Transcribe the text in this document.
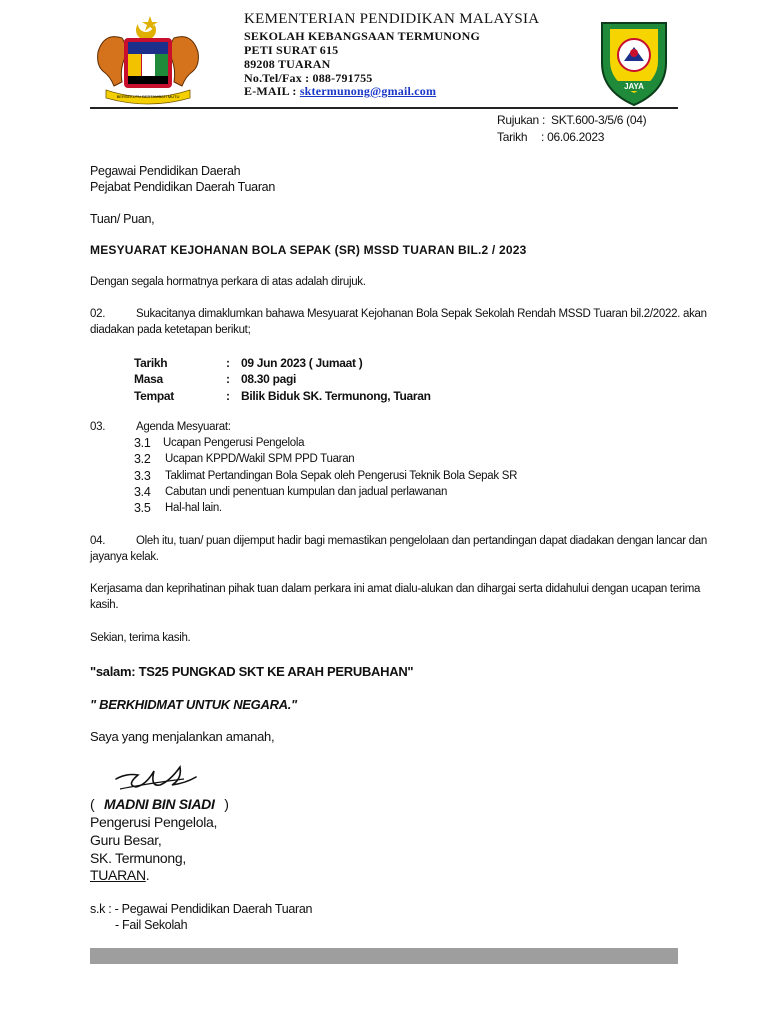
BERSEKUTU BERTAMBAH MUTU
KEMENTERIAN PENDIDIKAN MALAYSIA
SEKOLAH KEBANGSAAN TERMUNONG
PETI SURAT 615
89208 TUARAN
No.Tel/Fax : 088-791755
E-MAIL : sktermunong@gmail.com	JAYA
Rujukan : SKT.600-3/5/6 (04)
Tarikh : 06.06.2023
Pegawai Pendidikan Daerah
Pejabat Pendidikan Daerah Tuaran
Tuan/ Puan,
MESYUARAT KEJOHANAN BOLA SEPAK (SR) MSSD TUARAN BIL.2 / 2023
Dengan segala hormatnya perkara di atas adalah dirujuk.
02.	Sukacitanya dimaklumkan bahawa Mesyuarat Kejohanan Bola Sepak Sekolah Rendah MSSD Tuaran bil.2/2022. akan
diadakan pada ketetapan berikut;
Tarikh	: 09 Jun 2023 ( Jumaat )
Masa	: 08.30 pagi
Tempat	: Bilik Biduk SK. Termunong, Tuaran
03.	Agenda Mesyuarat:
3.1 Ucapan Pengerusi Pengelola
3.2 Ucapan KPPD/Wakil SPM PPD Tuaran
3.3 Taklimat Pertandingan Bola Sepak oleh Pengerusi Teknik Bola Sepak SR
3.4 Cabutan undi penentuan kumpulan dan jadual perlawanan
3.5 Hal-hal lain.
04.	Oleh itu, tuan/ puan dijemput hadir bagi memastikan pengelolaan dan pertandingan dapat diadakan dengan lancar dan
jayanya kelak.
Kerjasama dan keprihatinan pihak tuan dalam perkara ini amat dialu-alukan dan dihargai serta didahului dengan ucapan terima
kasih.
Sekian, terima kasih.
"salam: TS25 PUNGKAD SKT KE ARAH PERUBAHAN"
" BERKHIDMAT UNTUK NEGARA."
Saya yang menjalankan amanah,
( MADNI BIN SIADI )
Pengerusi Pengelola,
Guru Besar,
SK. Termunong,
TUARAN.
s.k : - Pegawai Pendidikan Daerah Tuaran
- Fail Sekolah
